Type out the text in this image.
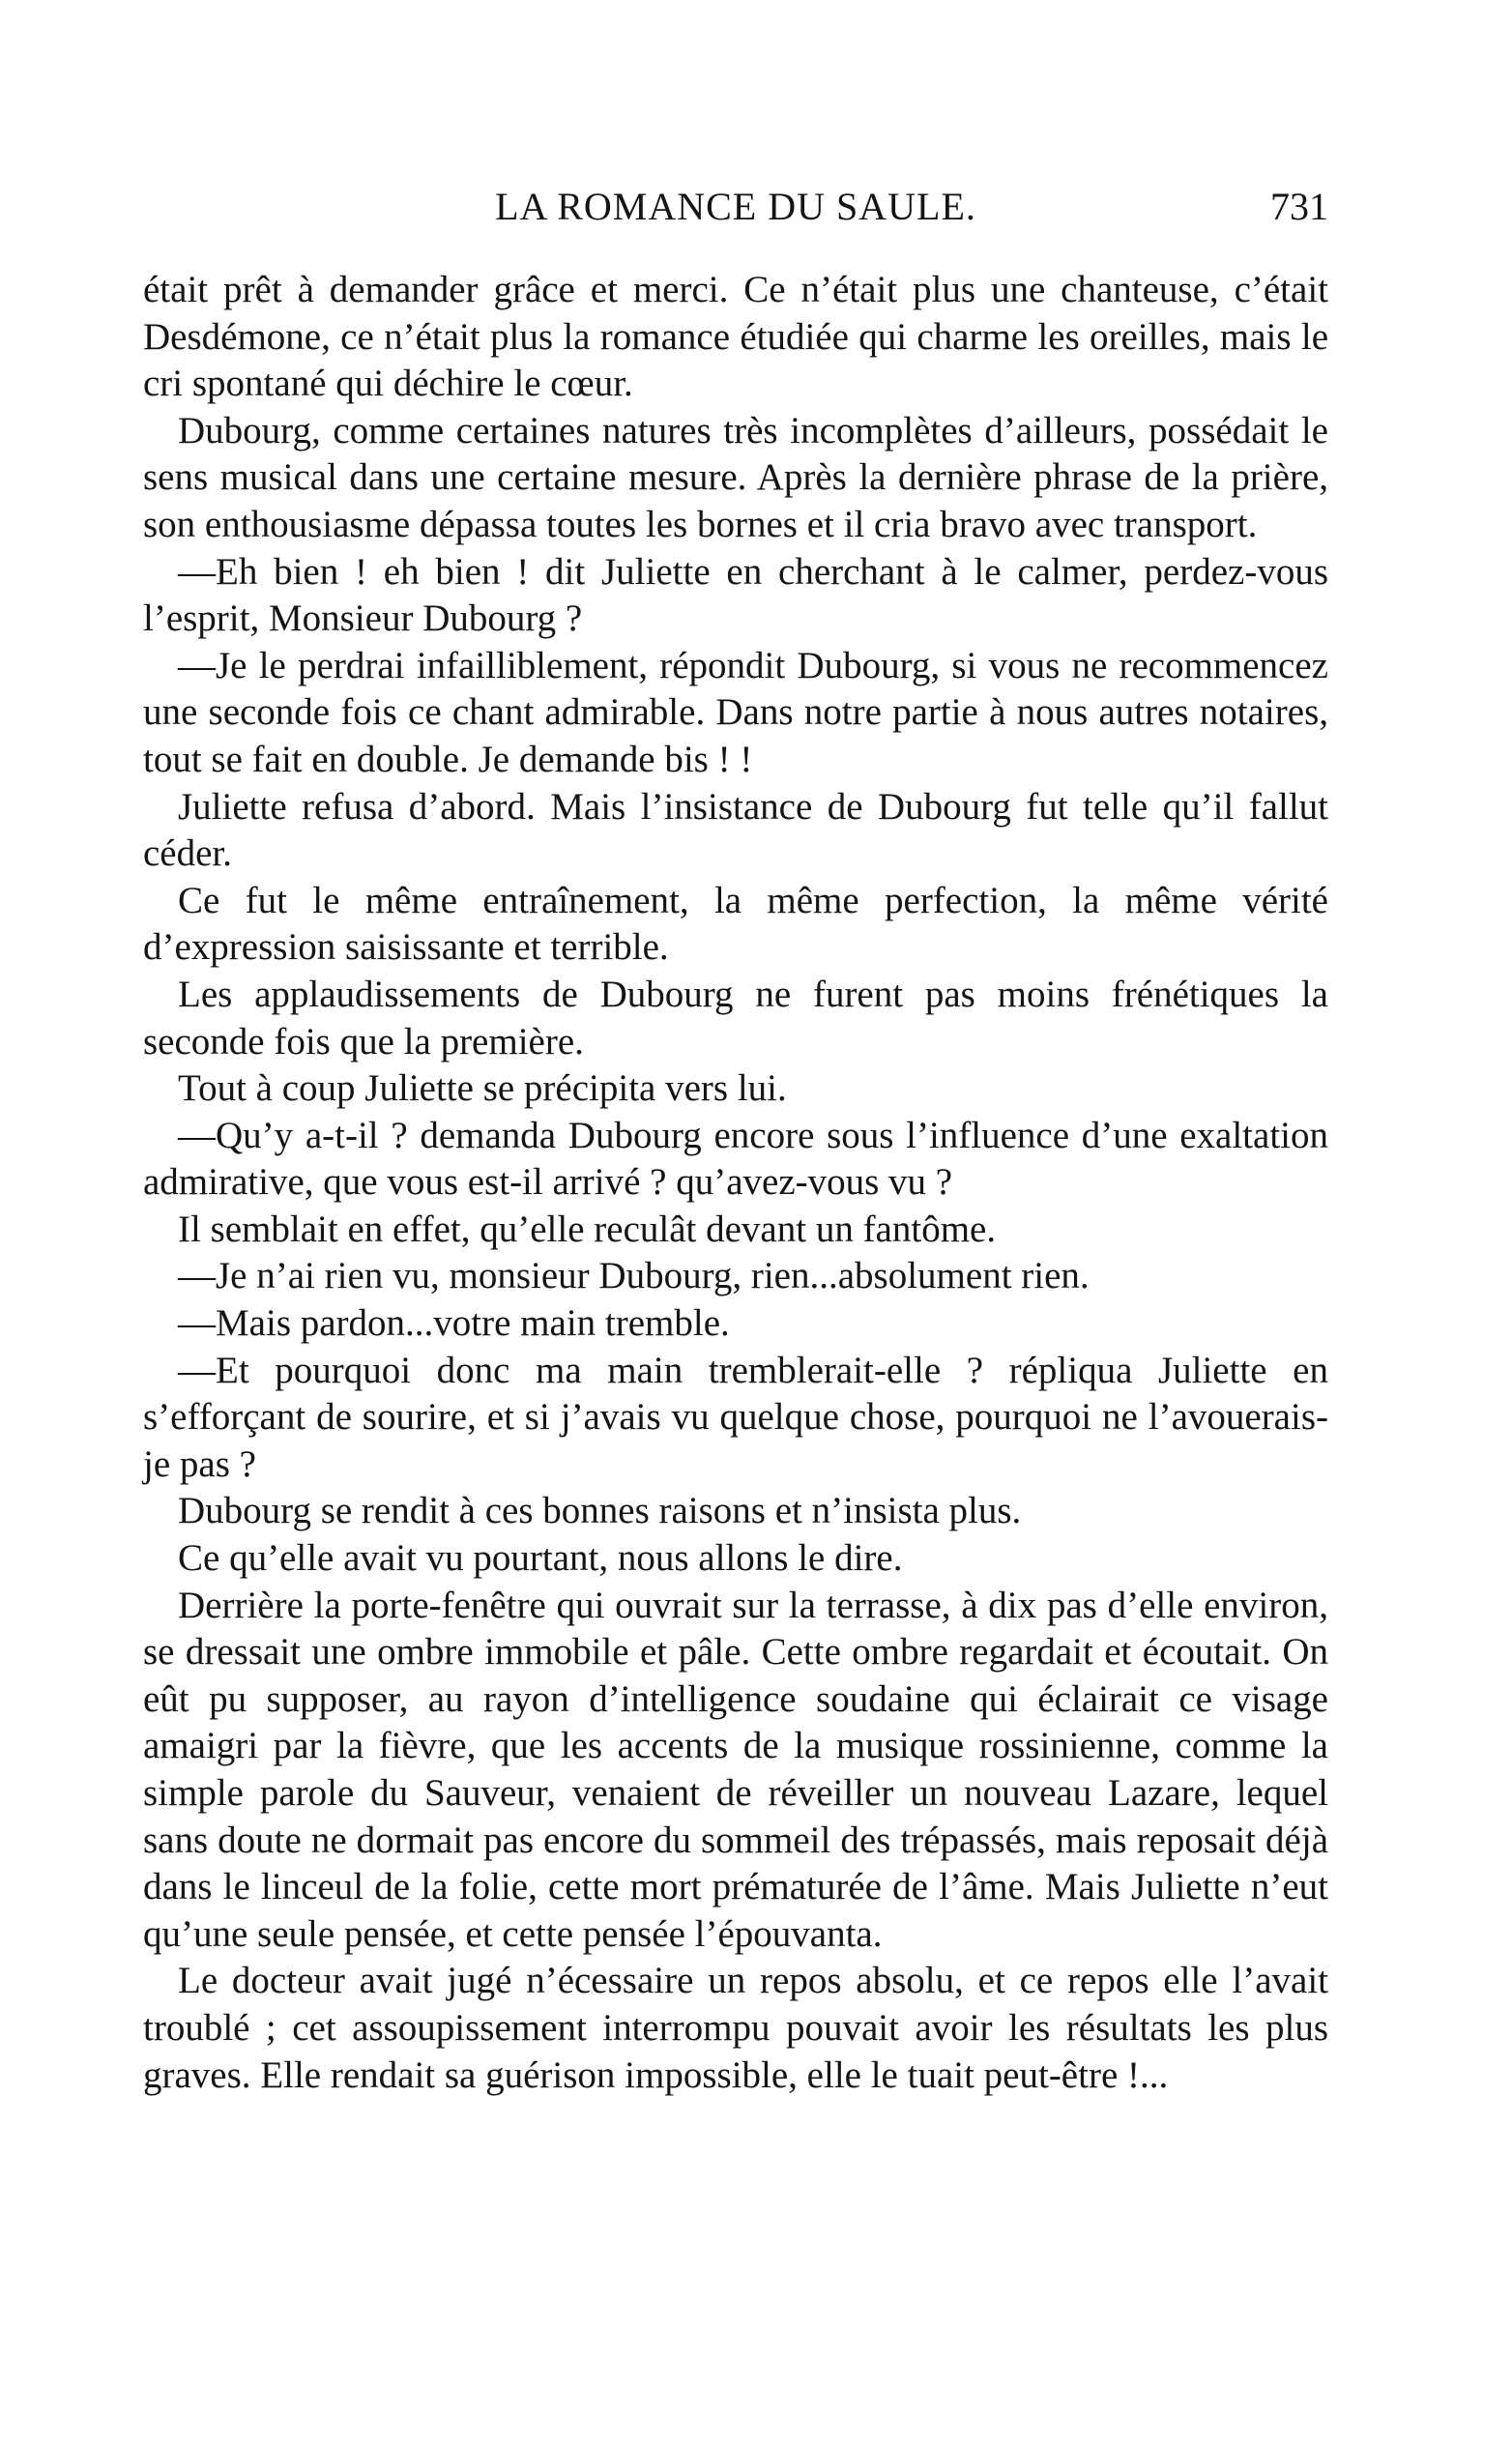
LA ROMANCE DU SAULE.	731

était prêt à demander grâce et merci. Ce n’était plus une chanteuse, c’était Desdémone, ce n’était plus la romance étudiée qui charme les oreilles, mais le cri spontané qui déchire le cœur.

Dubourg, comme certaines natures très incomplètes d’ailleurs, possédait le sens musical dans une certaine mesure. Après la dernière phrase de la prière, son enthousiasme dépassa toutes les bornes et il cria bravo avec transport.

—Eh bien ! eh bien ! dit Juliette en cherchant à le calmer, perdez-vous l’esprit, Monsieur Dubourg ?

—Je le perdrai infailliblement, répondit Dubourg, si vous ne recommencez une seconde fois ce chant admirable. Dans notre partie à nous autres notaires, tout se fait en double. Je demande bis ! !

Juliette refusa d’abord. Mais l’insistance de Dubourg fut telle qu’il fallut céder.

Ce fut le même entraînement, la même perfection, la même vérité d’expression saisissante et terrible.

Les applaudissements de Dubourg ne furent pas moins frénétiques la seconde fois que la première.

Tout à coup Juliette se précipita vers lui.

—Qu’y a-t-il ? demanda Dubourg encore sous l’influence d’une exaltation admirative, que vous est-il arrivé ? qu’avez-vous vu ?

Il semblait en effet, qu’elle reculât devant un fantôme.

—Je n’ai rien vu, monsieur Dubourg, rien...absolument rien.

—Mais pardon...votre main tremble.

—Et pourquoi donc ma main tremblerait-elle ? répliqua Juliette en s’efforçant de sourire, et si j’avais vu quelque chose, pourquoi ne l’avouerais-je pas ?

Dubourg se rendit à ces bonnes raisons et n’insista plus.

Ce qu’elle avait vu pourtant, nous allons le dire.

Derrière la porte-fenêtre qui ouvrait sur la terrasse, à dix pas d’elle environ, se dressait une ombre immobile et pâle. Cette ombre regardait et écoutait. On eût pu supposer, au rayon d’intelligence soudaine qui éclairait ce visage amaigri par la fièvre, que les accents de la musique rossinienne, comme la simple parole du Sauveur, venaient de réveiller un nouveau Lazare, lequel sans doute ne dormait pas encore du sommeil des trépassés, mais reposait déjà dans le linceul de la folie, cette mort prématurée de l’âme. Mais Juliette n’eut qu’une seule pensée, et cette pensée l’épouvanta.

Le docteur avait jugé n’écessaire un repos absolu, et ce repos elle l’avait troublé ; cet assoupissement interrompu pouvait avoir les résultats les plus graves. Elle rendait sa guérison impossible, elle le tuait peut-être !...
